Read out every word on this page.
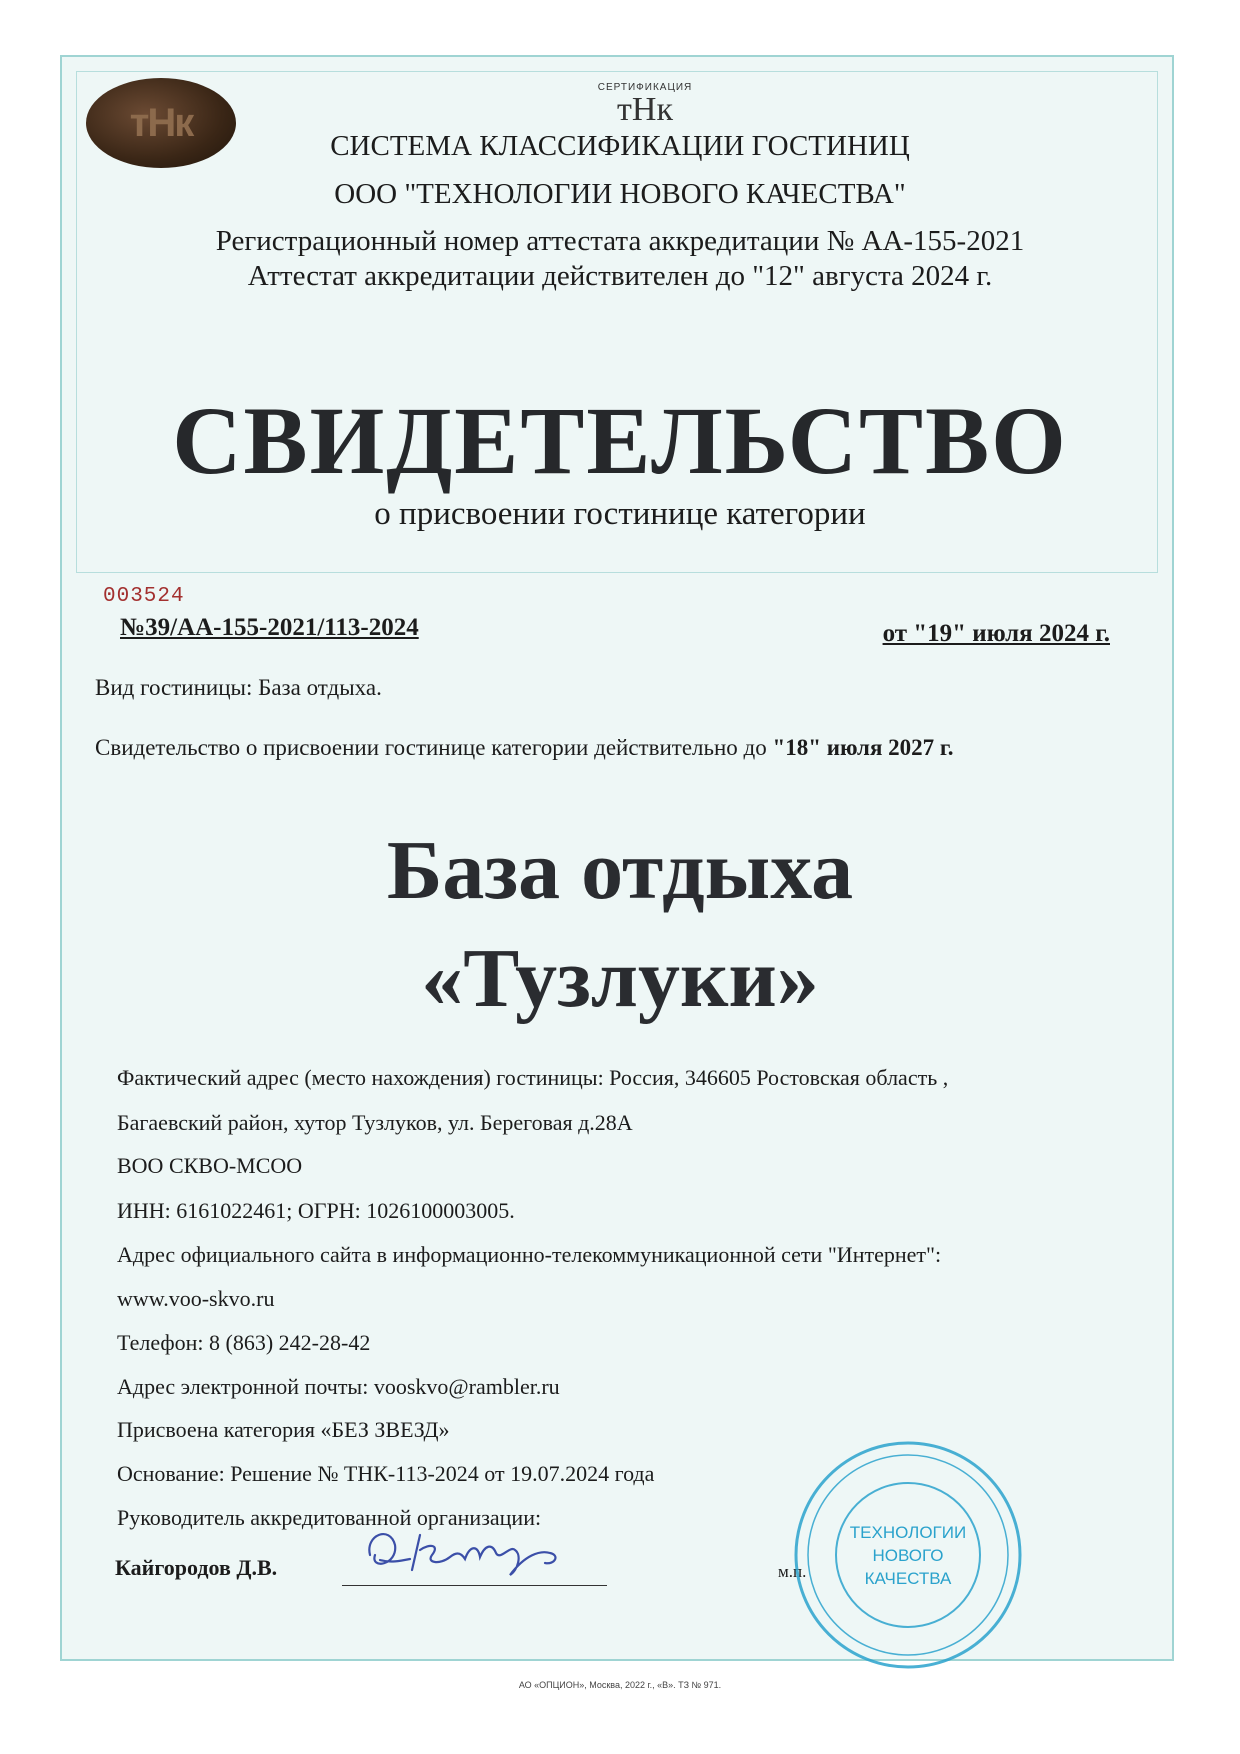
тНк
СЕРТИФИКАЦИЯ
тНк
СИСТЕМА КЛАССИФИКАЦИИ ГОСТИНИЦ
ООО "ТЕХНОЛОГИИ НОВОГО КАЧЕСТВА"
Регистрационный номер аттестата аккредитации № АА-155-2021
Аттестат аккредитации действителен до "12" августа 2024 г.
СВИДЕТЕЛЬСТВО
о присвоении гостинице категории
003524
№39/АА-155-2021/113-2024	от "19" июля 2024 г.
Вид гостиницы: База отдыха.
Свидетельство о присвоении гостинице категории действительно до "18" июля 2027 г.
База отдыха
«Тузлуки»
Фактический адрес (место нахождения) гостиницы: Россия, 346605 Ростовская область ,
Багаевский район, хутор Тузлуков, ул. Береговая д.28А
ВОО СКВО-МСОО
ИНН: 6161022461; ОГРН: 1026100003005.
Адрес официального сайта в информационно-телекоммуникационной сети "Интернет":
www.voo-skvo.ru
Телефон: 8 (863) 242-28-42
Адрес электронной почты: vooskvo@rambler.ru
Присвоена категория «БЕЗ ЗВЕЗД»
Основание: Решение № ТНК-113-2024 от 19.07.2024 года
Руководитель аккредитованной организации:
Кайгородов Д.В.	м.п.
ТЕХНОЛОГИИ
НОВОГО
КАЧЕСТВА
АО «ОПЦИОН», Москва, 2022 г., «В». ТЗ № 971.
